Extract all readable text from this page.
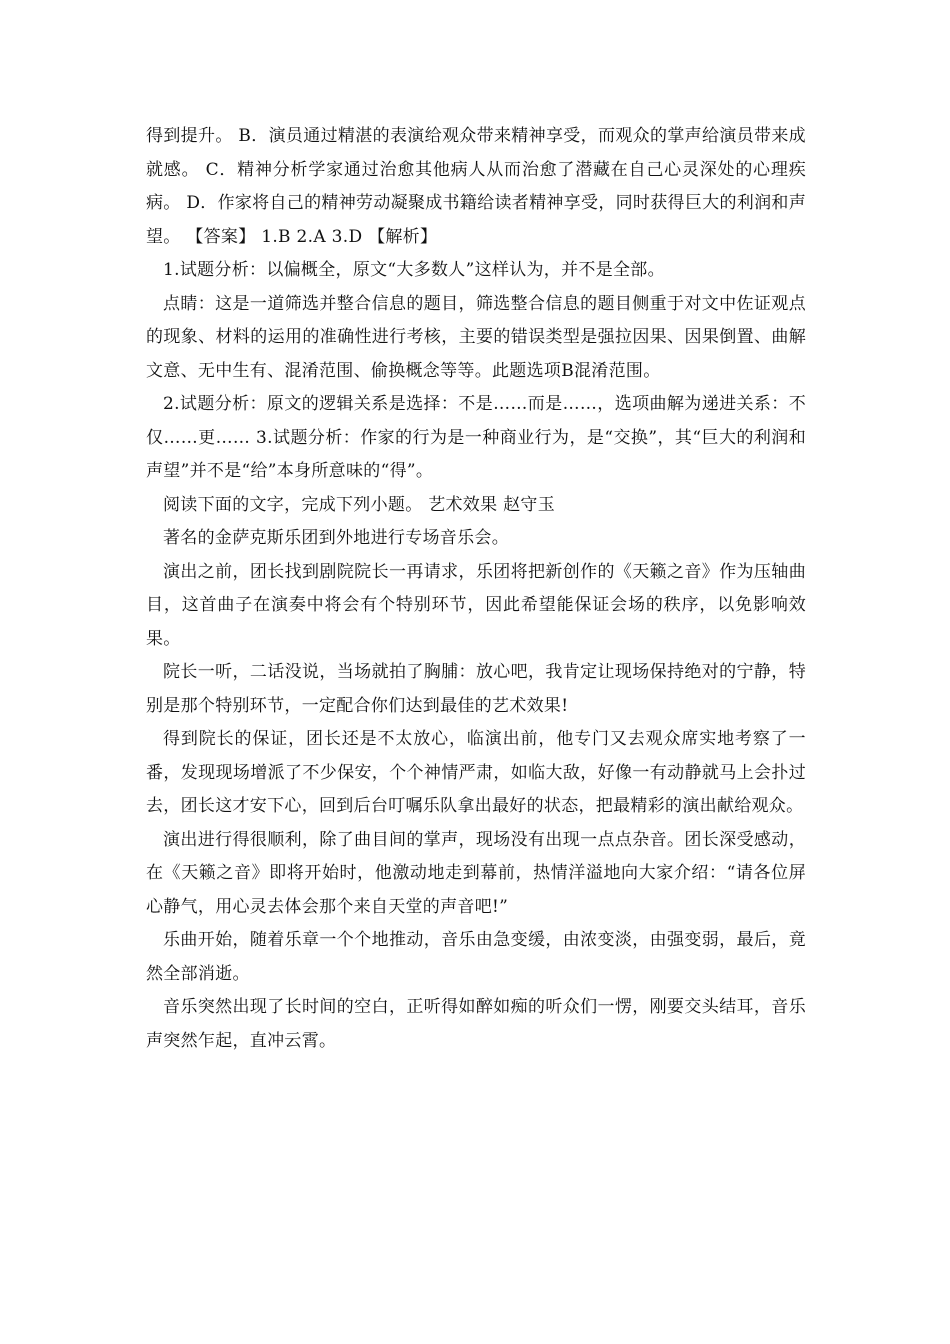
得到提升。 B．演员通过精湛的表演给观众带来精神享受，而观众的掌声给演员带来成就感。 C．精神分析学家通过治愈其他病人从而治愈了潜藏在自己心灵深处的心理疾病。 D．作家将自己的精神劳动凝聚成书籍给读者精神享受，同时获得巨大的利润和声望。 【答案】 1.B 2.A 3.D 【解析】

1.试题分析：以偏概全，原文“大多数人”这样认为，并不是全部。

点睛：这是一道筛选并整合信息的题目，筛选整合信息的题目侧重于对文中佐证观点的现象、材料的运用的准确性进行考核，主要的错误类型是强拉因果、因果倒置、曲解文意、无中生有、混淆范围、偷换概念等等。此题选项B混淆范围。

2.试题分析：原文的逻辑关系是选择：不是……而是……，选项曲解为递进关系：不仅……更…… 3.试题分析：作家的行为是一种商业行为，是“交换”，其“巨大的利润和声望”并不是“给”本身所意味的“得”。

阅读下面的文字，完成下列小题。 艺术效果 赵守玉

著名的金萨克斯乐团到外地进行专场音乐会。

演出之前，团长找到剧院院长一再请求，乐团将把新创作的《天籁之音》作为压轴曲目，这首曲子在演奏中将会有个特别环节，因此希望能保证会场的秩序，以免影响效果。

院长一听，二话没说，当场就拍了胸脯：放心吧，我肯定让现场保持绝对的宁静，特别是那个特别环节，一定配合你们达到最佳的艺术效果!

得到院长的保证，团长还是不太放心，临演出前，他专门又去观众席实地考察了一番，发现现场增派了不少保安，个个神情严肃，如临大敌，好像一有动静就马上会扑过去，团长这才安下心，回到后台叮嘱乐队拿出最好的状态，把最精彩的演出献给观众。

演出进行得很顺利，除了曲目间的掌声，现场没有出现一点点杂音。团长深受感动，在《天籁之音》即将开始时，他激动地走到幕前，热情洋溢地向大家介绍：“请各位屏心静气，用心灵去体会那个来自天堂的声音吧!”

乐曲开始，随着乐章一个个地推动，音乐由急变缓，由浓变淡，由强变弱，最后，竟然全部消逝。

音乐突然出现了长时间的空白，正听得如醉如痴的听众们一愣，刚要交头结耳，音乐声突然乍起，直冲云霄。
